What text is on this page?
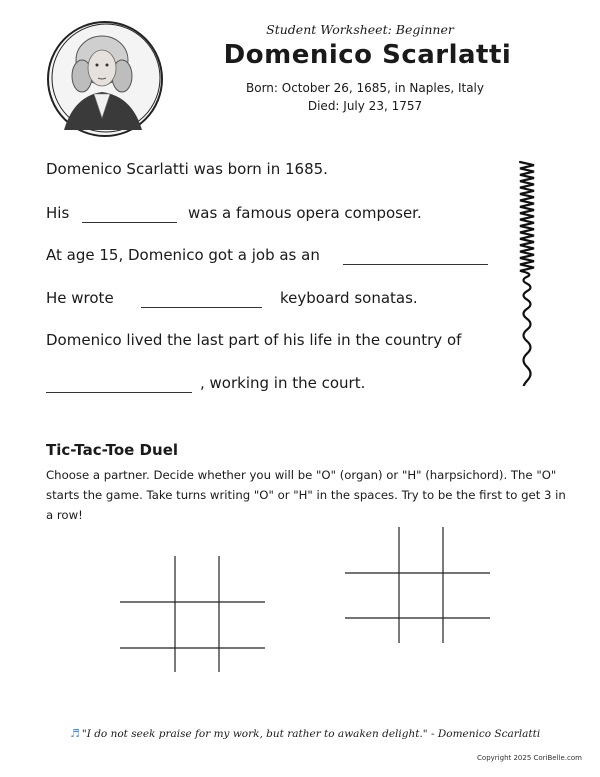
Student Worksheet: Beginner
Domenico Scarlatti
Born: October 26, 1685, in Naples, Italy
Died: July 23, 1757
Domenico Scarlatti was born in 1685.
His	was a famous opera composer.
At age 15, Domenico got a job as an
He wrote	keyboard sonatas.
Domenico lived the last part of his life in the country of
, working in the court.
Tic-Tac-Toe Duel
Choose a partner. Decide whether you will be "O" (organ) or "H" (harpsichord). The "O" starts the game. Take turns writing "O" or "H" in the spaces. Try to be the first to get 3 in a row!
♬ "I do not seek praise for my work, but rather to awaken delight." - Domenico Scarlatti
Copyright 2025 CoriBelle.com
